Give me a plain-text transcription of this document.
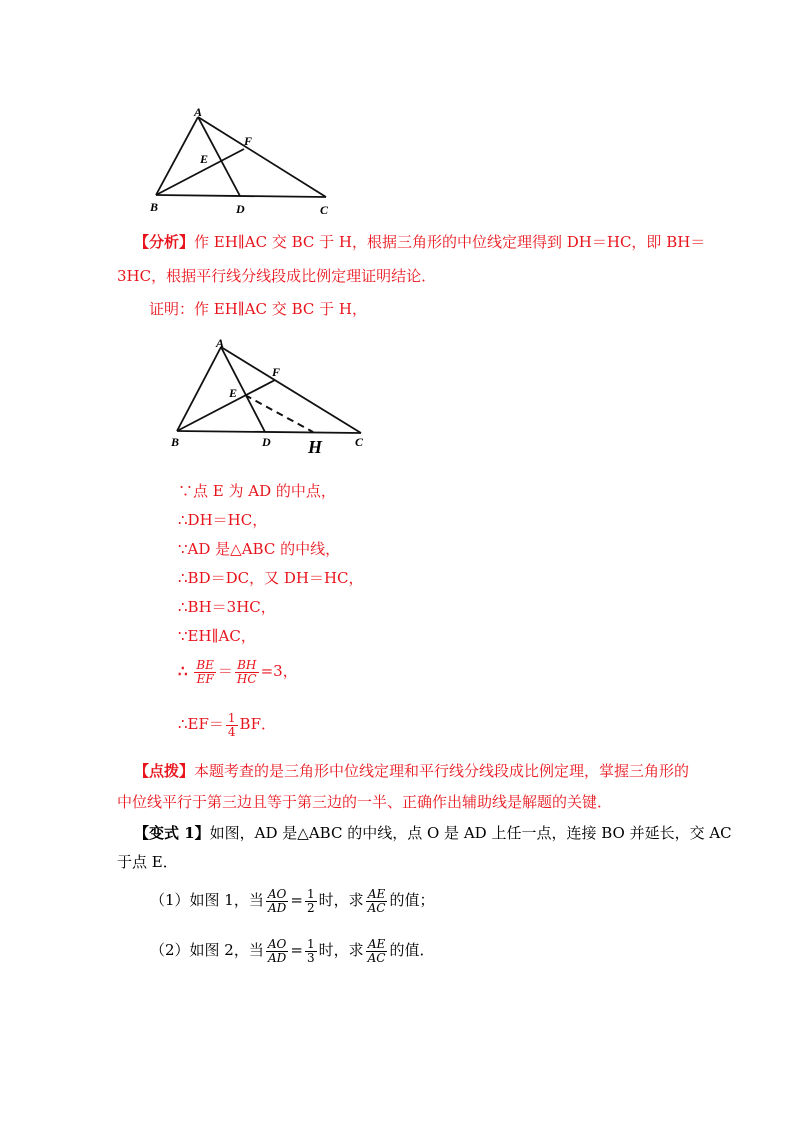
A
F
E
B	D	C
【分析】作 EH∥AC 交 BC 于 H，根据三角形的中位线定理得到 DH＝HC，即 BH＝
3HC，根据平行线分线段成比例定理证明结论．
证明：作 EH∥AC 交 BC 于 H，
A
F
E
B	D	C
H
∵点 E 为 AD 的中点，
∴DH＝HC，
∵AD 是△ABC 的中线，
∴BD＝DC，又 DH＝HC，
∴BH＝3HC，
∵EH∥AC，
∴ $\frac{BE}{EF} = \frac{BH}{HC} =3$，
∴EF＝ $\frac{1}{4}$ BF．
【点拨】本题考查的是三角形中位线定理和平行线分线段成比例定理，掌握三角形的
中位线平行于第三边且等于第三边的一半、正确作出辅助线是解题的关键．
【变式 1】如图，AD 是△ABC 的中线，点 O 是 AD 上任一点，连接 BO 并延长，交 AC
于点 E．
（1）如图 1，当 $\frac{AO}{AD} = \frac{1}{2}$ 时，求 $\frac{AE}{AC}$ 的值；
（2）如图 2，当 $\frac{AO}{AD} = \frac{1}{3}$ 时，求 $\frac{AE}{AC}$ 的值．
